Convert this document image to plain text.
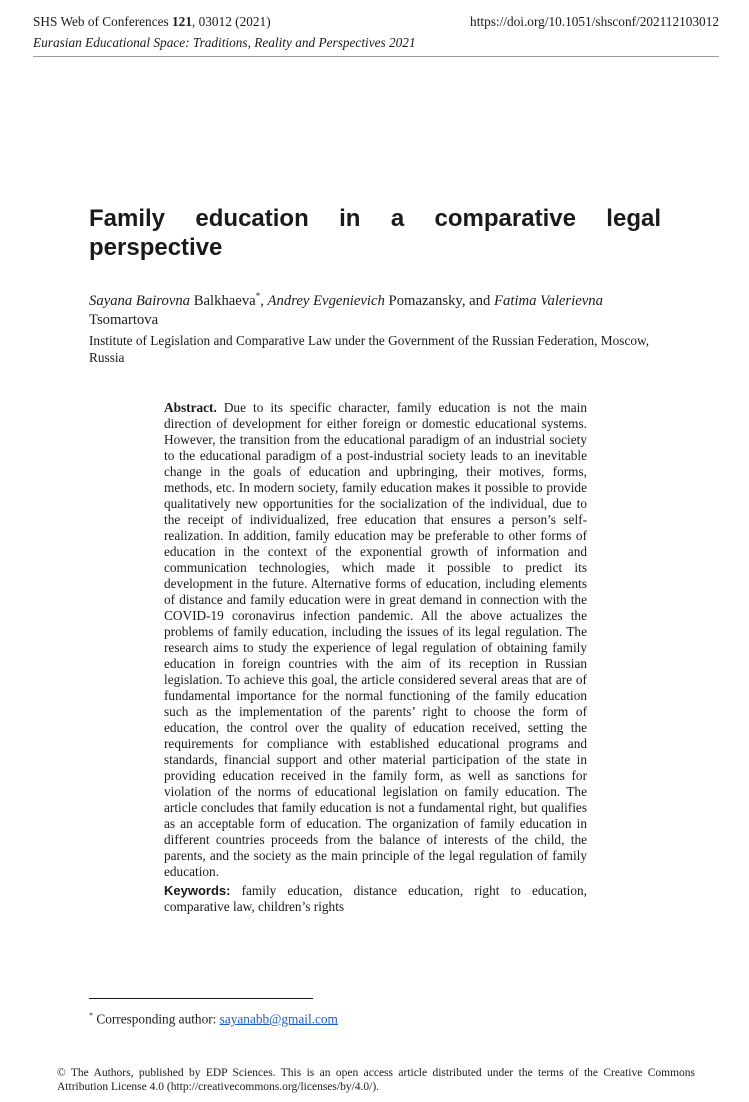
SHS Web of Conferences 121, 03012 (2021)	https://doi.org/10.1051/shsconf/202112103012
Eurasian Educational Space: Traditions, Reality and Perspectives 2021
Family education in a comparative legal perspective

Sayana Bairovna Balkhaeva*, Andrey Evgenievich Pomazansky, and Fatima Valerievna Tsomartova

Institute of Legislation and Comparative Law under the Government of the Russian Federation, Moscow, Russia

Abstract. Due to its specific character, family education is not the main direction of development for either foreign or domestic educational systems. However, the transition from the educational paradigm of an industrial society to the educational paradigm of a post-industrial society leads to an inevitable change in the goals of education and upbringing, their motives, forms, methods, etc. In modern society, family education makes it possible to provide qualitatively new opportunities for the socialization of the individual, due to the receipt of individualized, free education that ensures a person’s self-realization. In addition, family education may be preferable to other forms of education in the context of the exponential growth of information and communication technologies, which made it possible to predict its development in the future. Alternative forms of education, including elements of distance and family education were in great demand in connection with the COVID-19 coronavirus infection pandemic. All the above actualizes the problems of family education, including the issues of its legal regulation. The research aims to study the experience of legal regulation of obtaining family education in foreign countries with the aim of its reception in Russian legislation. To achieve this goal, the article considered several areas that are of fundamental importance for the normal functioning of the family education such as the implementation of the parents’ right to choose the form of education, the control over the quality of education received, setting the requirements for compliance with established educational programs and standards, financial support and other material participation of the state in providing education received in the family form, as well as sanctions for violation of the norms of educational legislation on family education. The article concludes that family education is not a fundamental right, but qualifies as an acceptable form of education. The organization of family education in different countries proceeds from the balance of interests of the child, the parents, and the society as the main principle of the legal regulation of family education.

Keywords: family education, distance education, right to education, comparative law, children’s rights

* Corresponding author: sayanabb@gmail.com

© The Authors, published by EDP Sciences. This is an open access article distributed under the terms of the Creative Commons Attribution License 4.0 (http://creativecommons.org/licenses/by/4.0/).
